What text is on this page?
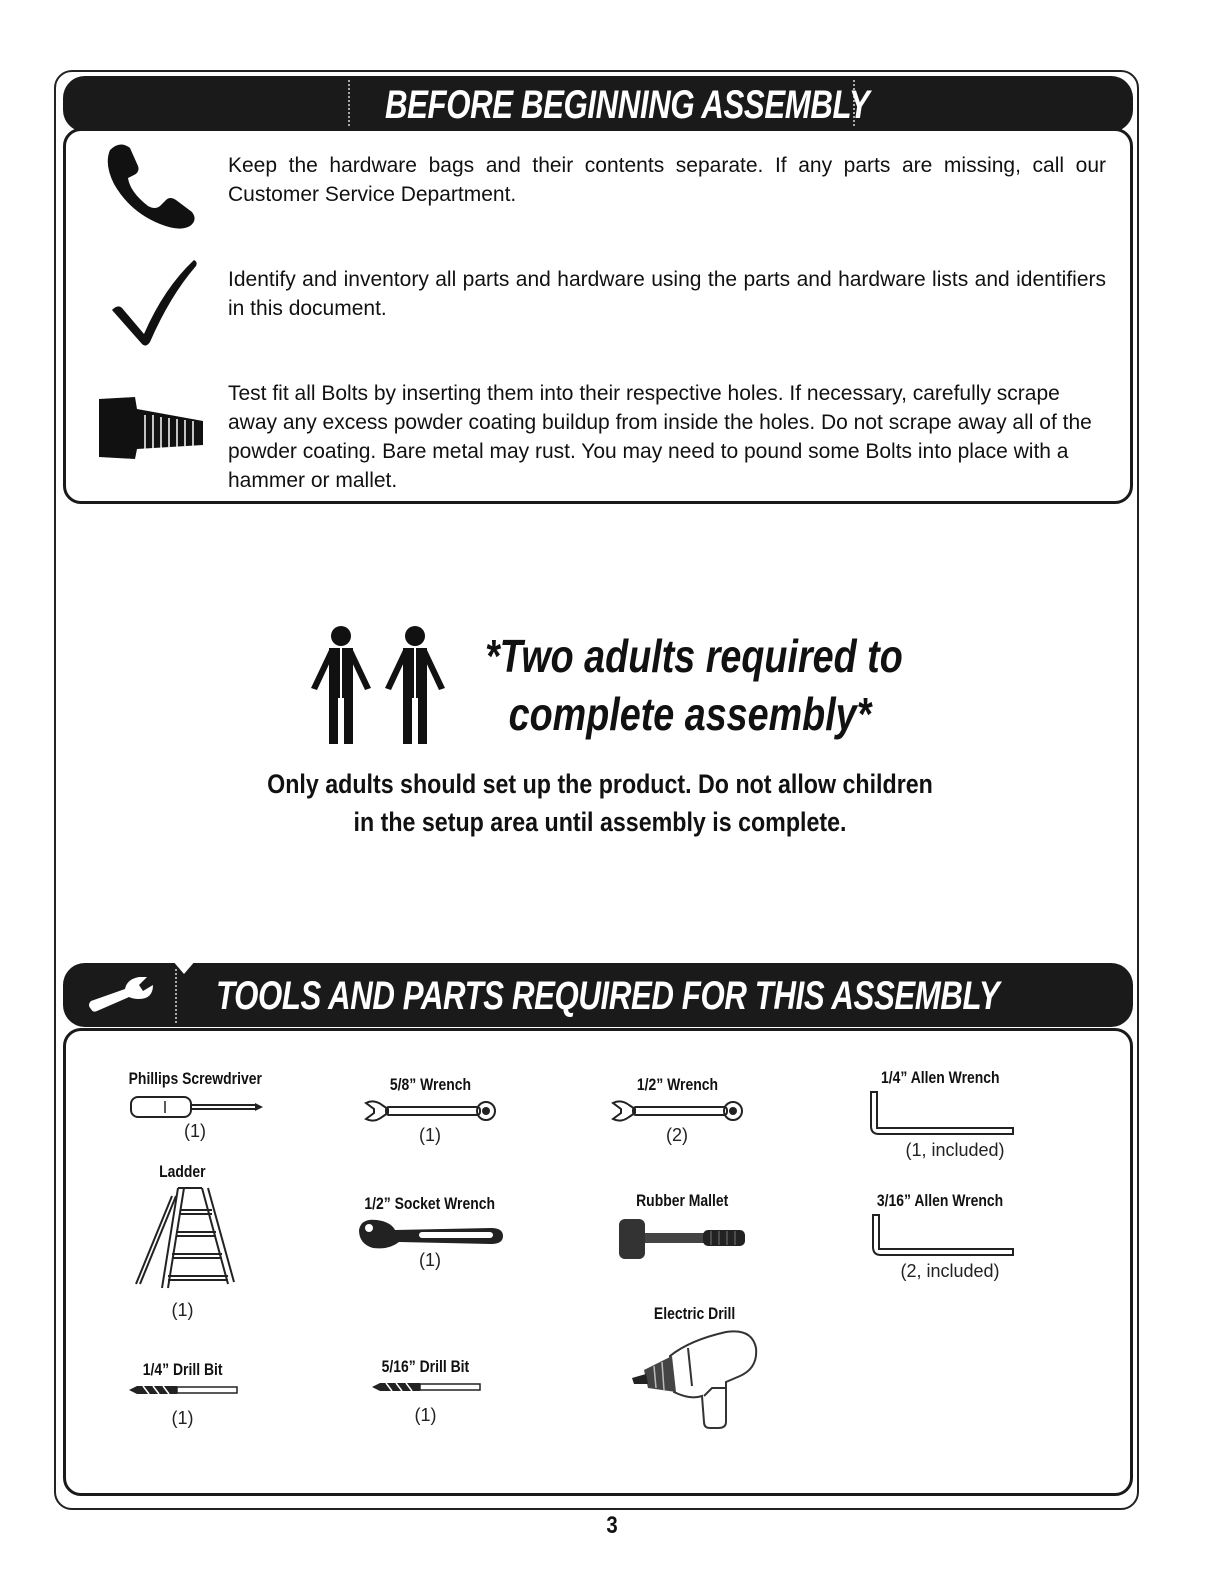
BEFORE BEGINNING ASSEMBLY
Keep the hardware bags and their contents separate. If any parts are missing, call our Customer Service Department.
Identify and inventory all parts and hardware using the parts and hardware lists and identifiers in this document.
Test fit all Bolts by inserting them into their respective holes. If necessary, carefully scrape away any excess powder coating buildup from inside the holes. Do not scrape away all of the powder coating. Bare metal may rust. You may need to pound some Bolts into place with a hammer or mallet.
*Two adults required to
complete assembly*
Only adults should set up the product. Do not allow children
in the setup area until assembly is complete.
TOOLS AND PARTS REQUIRED FOR THIS ASSEMBLY
Phillips Screwdriver
(1)
5/8” Wrench
(1)
1/2” Wrench
(2)
1/4” Allen Wrench
(1, included)
Ladder
(1)
1/2” Socket Wrench
(1)
Rubber Mallet	3/16” Allen Wrench
(2, included)
Electric Drill
1/4” Drill Bit
(1)
5/16” Drill Bit
(1)
3
